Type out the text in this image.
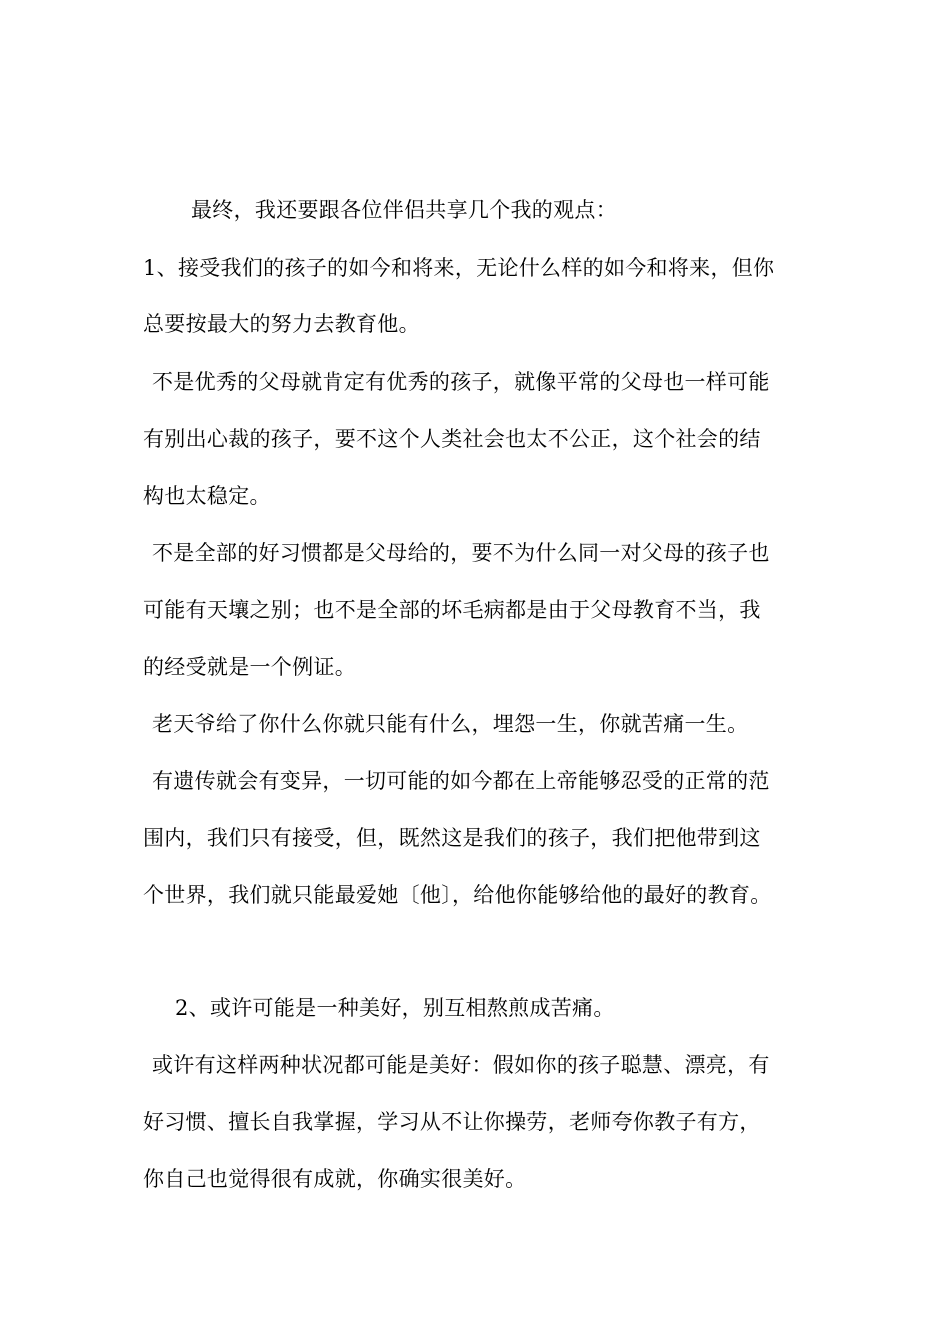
最终，我还要跟各位伴侣共享几个我的观点：
1、接受我们的孩子的如今和将来，无论什么样的如今和将来，但你
总要按最大的努力去教育他。
不是优秀的父母就肯定有优秀的孩子，就像平常的父母也一样可能
有别出心裁的孩子，要不这个人类社会也太不公正，这个社会的结
构也太稳定。
不是全部的好习惯都是父母给的，要不为什么同一对父母的孩子也
可能有天壤之别；也不是全部的坏毛病都是由于父母教育不当，我
的经受就是一个例证。
老天爷给了你什么你就只能有什么，埋怨一生，你就苦痛一生。
有遗传就会有变异，一切可能的如今都在上帝能够忍受的正常的范
围内，我们只有接受，但，既然这是我们的孩子，我们把他带到这
个世界，我们就只能最爱她〔他〕，给他你能够给他的最好的教育。
2、或许可能是一种美好，别互相熬煎成苦痛。
或许有这样两种状况都可能是美好：假如你的孩子聪慧、漂亮，有
好习惯、擅长自我掌握，学习从不让你操劳，老师夸你教子有方，
你自己也觉得很有成就，你确实很美好。
